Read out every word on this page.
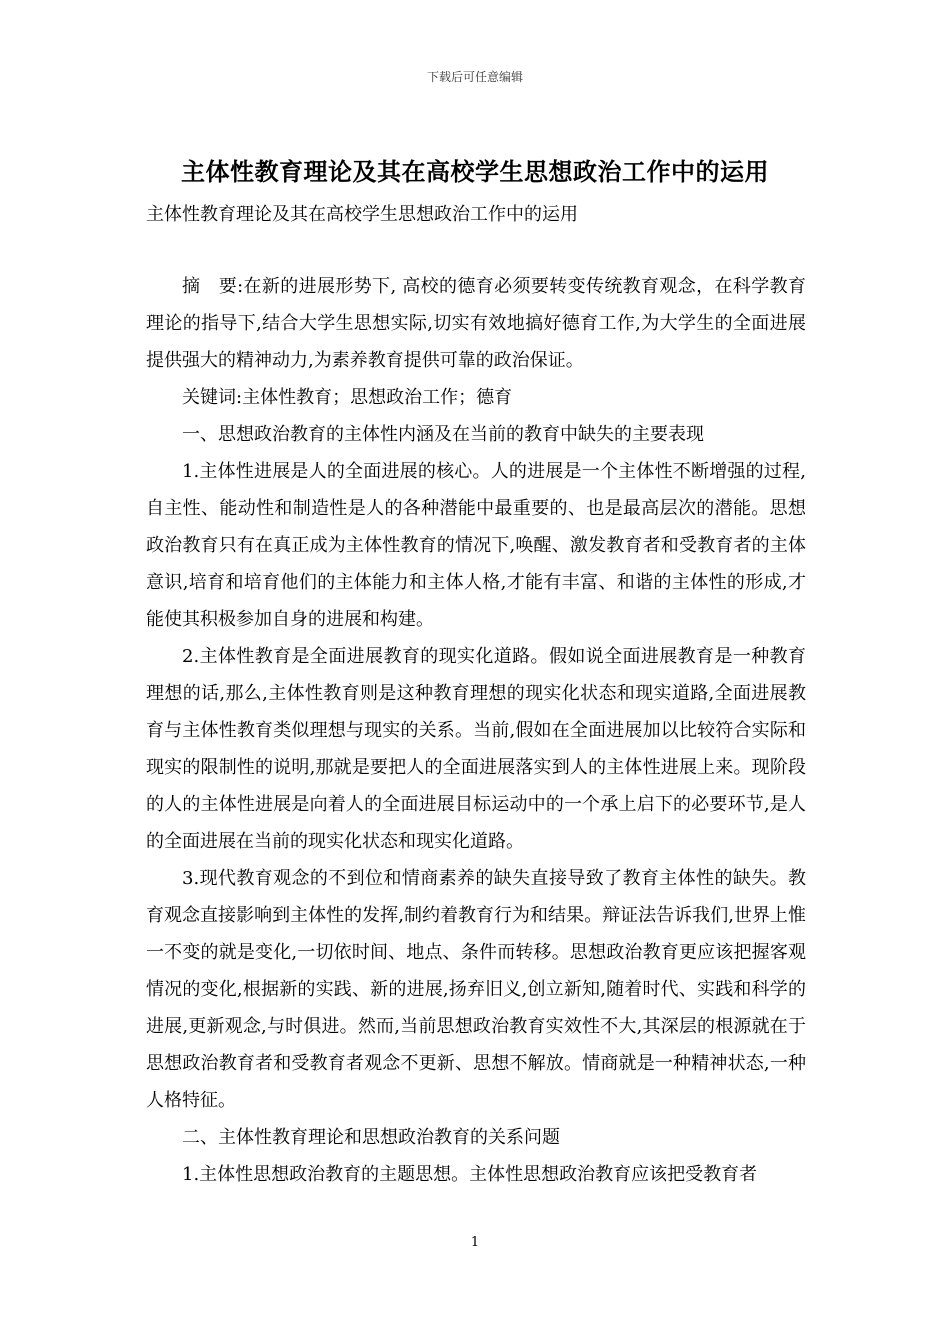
下载后可任意编辑
主体性教育理论及其在高校学生思想政治工作中的运用
主体性教育理论及其在高校学生思想政治工作中的运用

摘　要:在新的进展形势下, 高校的德育必须要转变传统教育观念，在科学教育理论的指导下,结合大学生思想实际,切实有效地搞好德育工作,为大学生的全面进展提供强大的精神动力,为素养教育提供可靠的政治保证。

关键词:主体性教育；思想政治工作；德育

一、思想政治教育的主体性内涵及在当前的教育中缺失的主要表现

1.主体性进展是人的全面进展的核心。人的进展是一个主体性不断增强的过程,自主性、能动性和制造性是人的各种潜能中最重要的、也是最高层次的潜能。思想政治教育只有在真正成为主体性教育的情况下,唤醒、激发教育者和受教育者的主体意识,培育和培育他们的主体能力和主体人格,才能有丰富、和谐的主体性的形成,才能使其积极参加自身的进展和构建。

2.主体性教育是全面进展教育的现实化道路。假如说全面进展教育是一种教育理想的话,那么,主体性教育则是这种教育理想的现实化状态和现实道路,全面进展教育与主体性教育类似理想与现实的关系。当前,假如在全面进展加以比较符合实际和现实的限制性的说明,那就是要把人的全面进展落实到人的主体性进展上来。现阶段的人的主体性进展是向着人的全面进展目标运动中的一个承上启下的必要环节,是人的全面进展在当前的现实化状态和现实化道路。

3.现代教育观念的不到位和情商素养的缺失直接导致了教育主体性的缺失。教育观念直接影响到主体性的发挥,制约着教育行为和结果。辩证法告诉我们,世界上惟一不变的就是变化,一切依时间、地点、条件而转移。思想政治教育更应该把握客观情况的变化,根据新的实践、新的进展,扬弃旧义,创立新知,随着时代、实践和科学的进展,更新观念,与时俱进。然而,当前思想政治教育实效性不大,其深层的根源就在于思想政治教育者和受教育者观念不更新、思想不解放。情商就是一种精神状态,一种人格特征。

二、主体性教育理论和思想政治教育的关系问题

1.主体性思想政治教育的主题思想。主体性思想政治教育应该把受教育者

1
